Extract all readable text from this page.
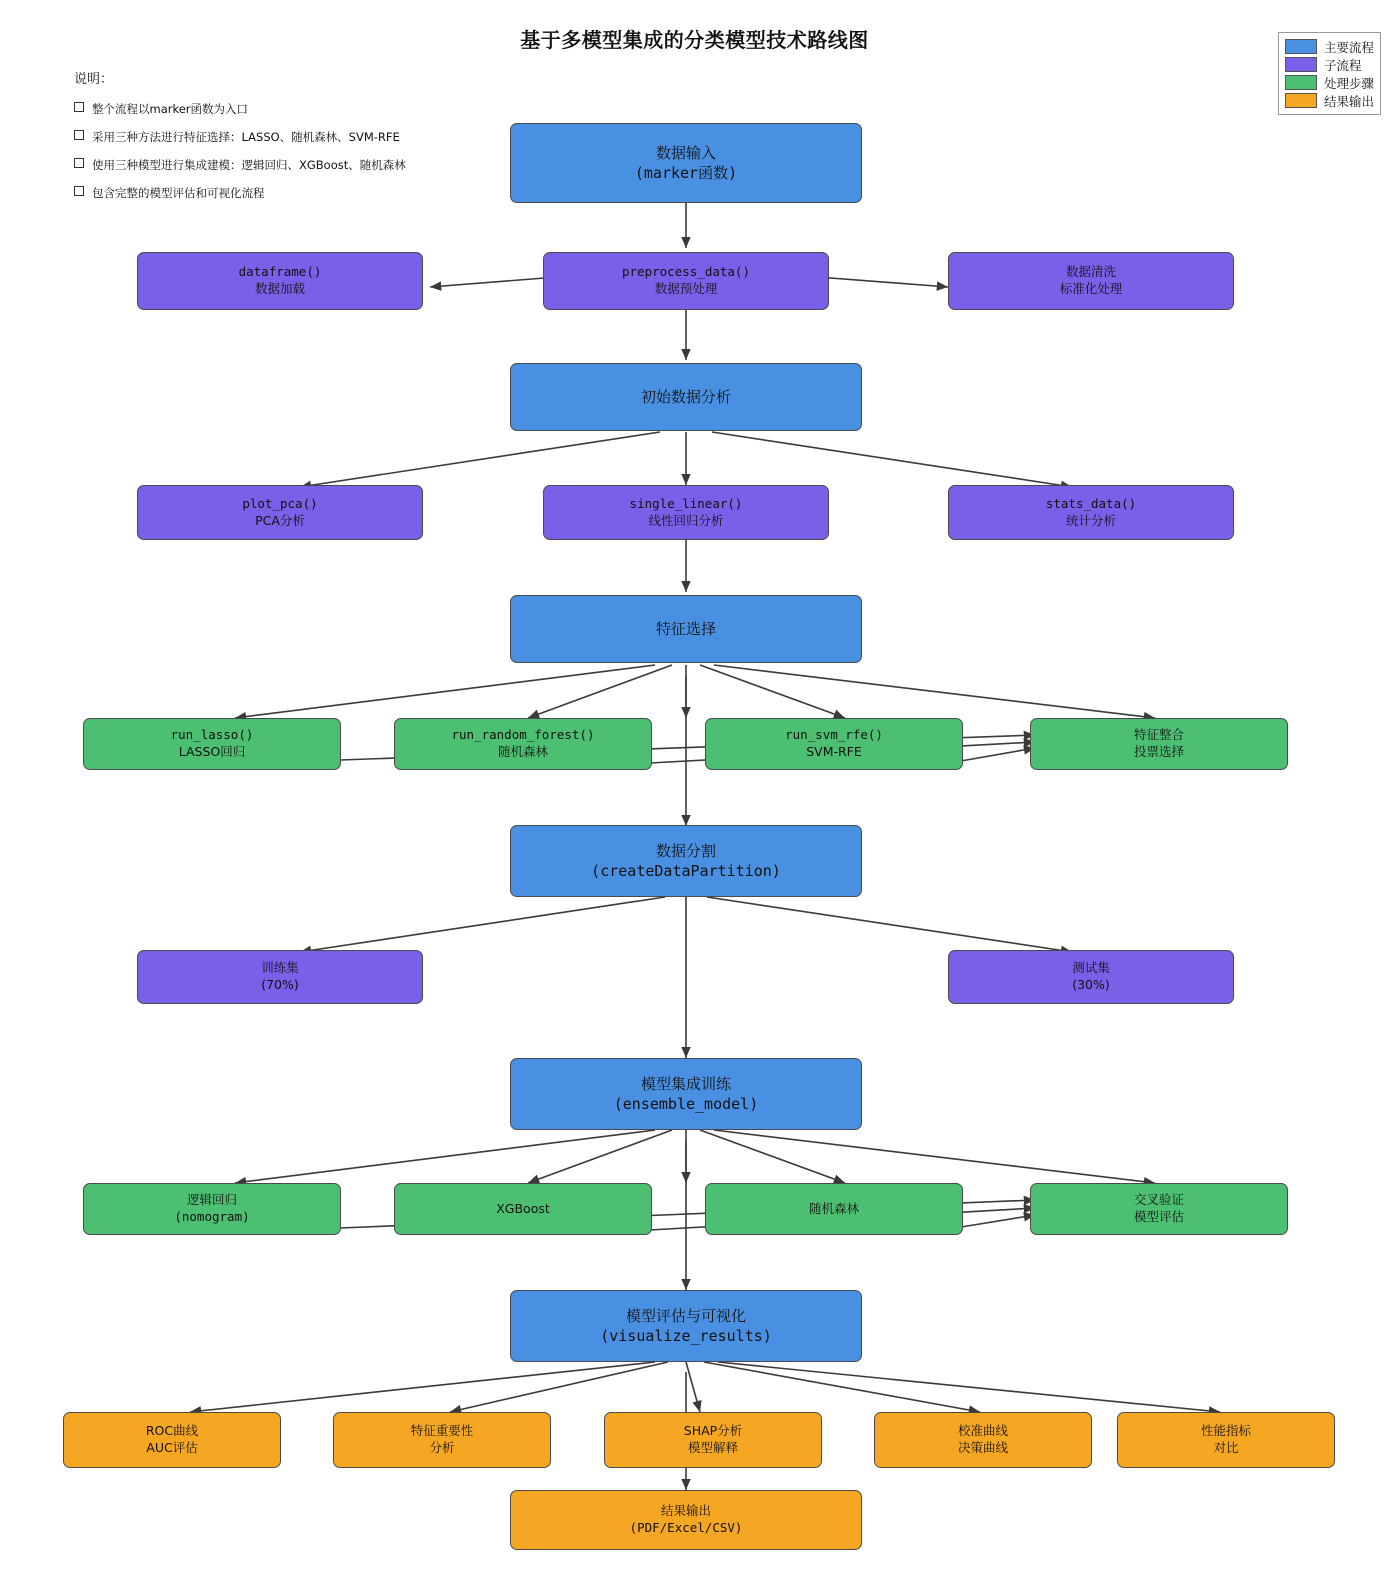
基于多模型集成的分类模型技术路线图	主要流程
子流程
处理步骤
结果输出
说明：
整个流程以marker函数为入口
采用三种方法进行特征选择：LASSO、随机森林、SVM-RFE
使用三种模型进行集成建模：逻辑回归、XGBoost、随机森林
包含完整的模型评估和可视化流程
数据输入
(marker函数)
dataframe()
数据加载
preprocess_data()
数据预处理
数据清洗
标准化处理
初始数据分析
plot_pca()
PCA分析
single_linear()
线性回归分析
stats_data()
统计分析
特征选择
run_lasso()
LASSO回归
run_random_forest()
随机森林
run_svm_rfe()
SVM-RFE
特征整合
投票选择
数据分割
(createDataPartition)
训练集
(70%)
测试集
(30%)
模型集成训练
(ensemble_model)
逻辑回归
(nomogram)
XGBoost	随机森林
交叉验证
模型评估
模型评估与可视化
(visualize_results)
ROC曲线
AUC评估
特征重要性
分析
SHAP分析
模型解释
校准曲线
决策曲线
性能指标
对比
结果输出
(PDF/Excel/CSV)
